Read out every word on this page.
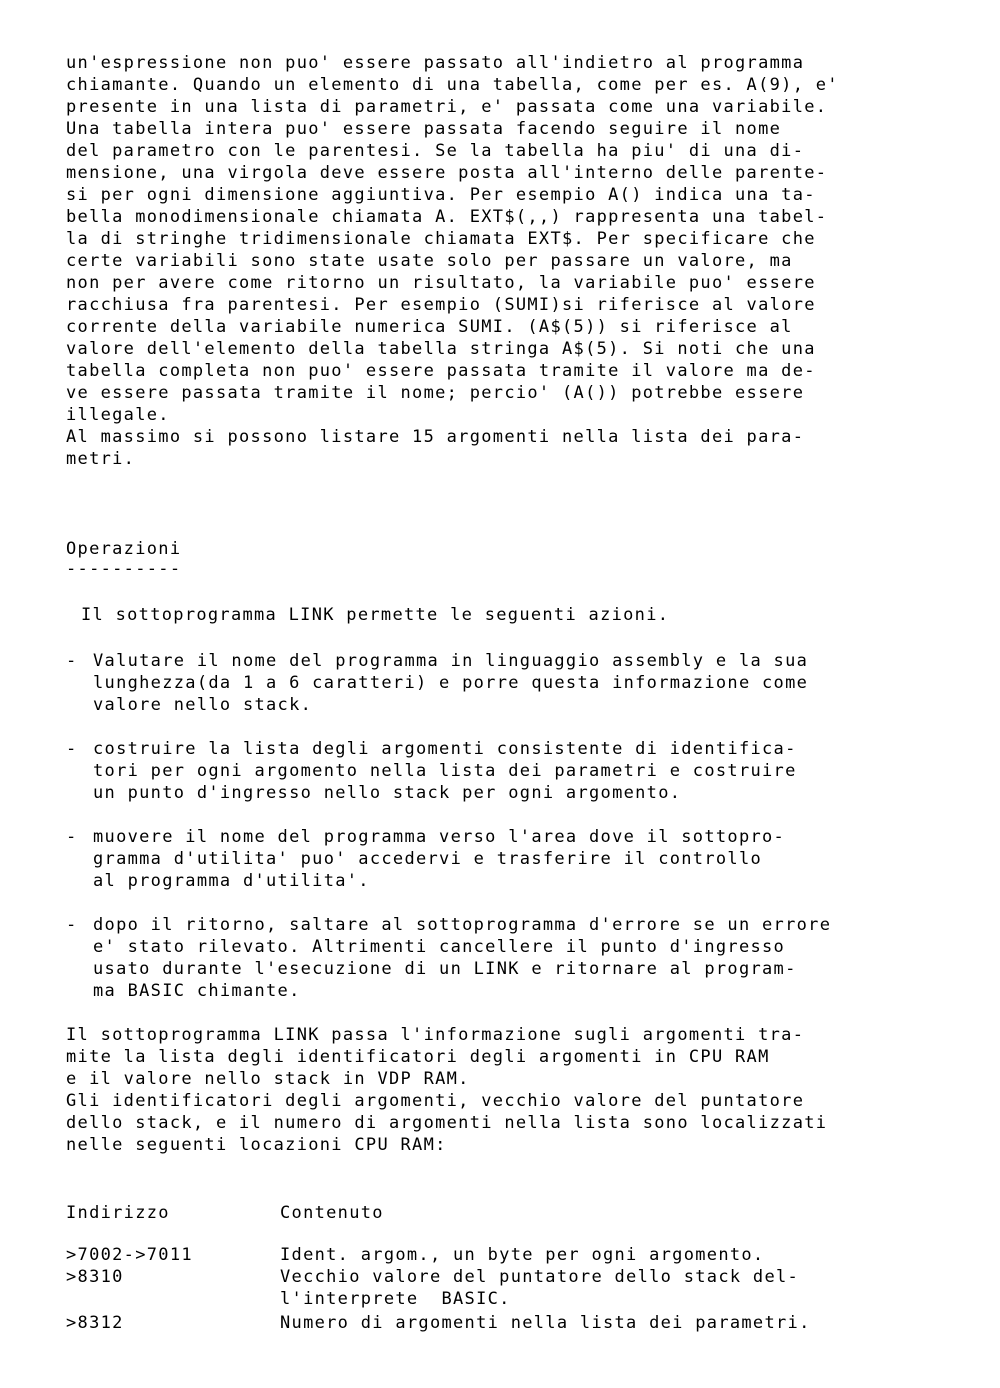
un'espressione non puo' essere passato all'indietro al programma
chiamante. Quando un elemento di una tabella, come per es. A(9), e'
presente in una lista di parametri, e' passata come una variabile.
Una tabella intera puo' essere passata facendo seguire il nome
del parametro con le parentesi. Se la tabella ha piu' di una di-
mensione, una virgola deve essere posta all'interno delle parente-
si per ogni dimensione aggiuntiva. Per esempio A() indica una ta-
bella monodimensionale chiamata A. EXT$(,,) rappresenta una tabel-
la di stringhe tridimensionale chiamata EXT$. Per specificare che
certe variabili sono state usate solo per passare un valore, ma
non per avere come ritorno un risultato, la variabile puo' essere
racchiusa fra parentesi. Per esempio (SUMI)si riferisce al valore
corrente della variabile numerica SUMI. (A$(5)) si riferisce al
valore dell'elemento della tabella stringa A$(5). Si noti che una
tabella completa non puo' essere passata tramite il valore ma de-
ve essere passata tramite il nome; percio' (A()) potrebbe essere
illegale.
Al massimo si possono listare 15 argomenti nella lista dei para-
metri.
Operazioni
----------
Il sottoprogramma LINK permette le seguenti azioni.
- Valutare il nome del programma in linguaggio assembly e la sua
lunghezza(da 1 a 6 caratteri) e porre questa informazione come
valore nello stack.
- costruire la lista degli argomenti consistente di identifica-
tori per ogni argomento nella lista dei parametri e costruire
un punto d'ingresso nello stack per ogni argomento.
- muovere il nome del programma verso l'area dove il sottopro-
gramma d'utilita' puo' accedervi e trasferire il controllo
al programma d'utilita'.
- dopo il ritorno, saltare al sottoprogramma d'errore se un errore
e' stato rilevato. Altrimenti cancellere il punto d'ingresso
usato durante l'esecuzione di un LINK e ritornare al program-
ma BASIC chimante.
Il sottoprogramma LINK passa l'informazione sugli argomenti tra-
mite la lista degli identificatori degli argomenti in CPU RAM
e il valore nello stack in VDP RAM.
Gli identificatori degli argomenti, vecchio valore del puntatore
dello stack, e il numero di argomenti nella lista sono localizzati
nelle seguenti locazioni CPU RAM:
Indirizzo	Contenuto
>7002->7011	Ident. argom., un byte per ogni argomento.
>8310	Vecchio valore del puntatore dello stack del-
l'interprete  BASIC.
>8312	Numero di argomenti nella lista dei parametri.
